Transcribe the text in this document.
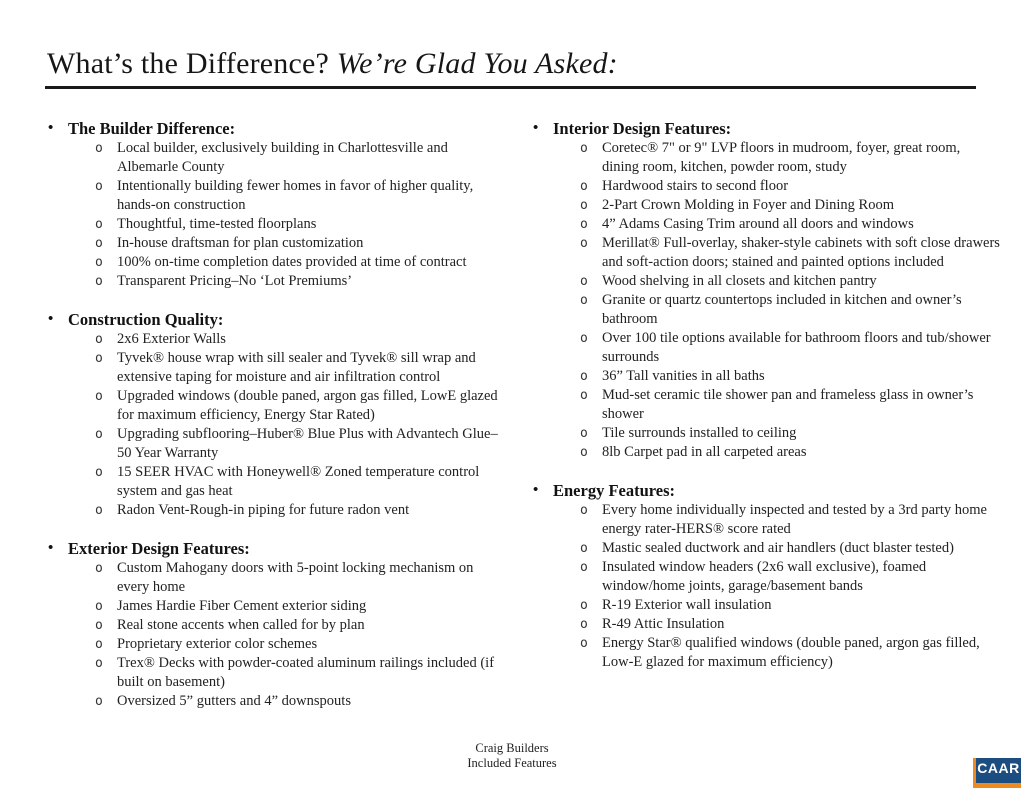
What’s the Difference? We’re Glad You Asked:
• The Builder Difference:
o Local builder, exclusively building in Charlottesville and Albemarle County
o Intentionally building fewer homes in favor of higher quality, hands-on construction
o Thoughtful, time-tested floorplans
o In-house draftsman for plan customization
o 100% on-time completion dates provided at time of contract
o Transparent Pricing–No ‘Lot Premiums’
• Construction Quality:
o 2x6 Exterior Walls
o Tyvek® house wrap with sill sealer and Tyvek® sill wrap and extensive taping for moisture and air infiltration control
o Upgraded windows (double paned, argon gas filled, LowE glazed for maximum efficiency, Energy Star Rated)
o Upgrading subflooring–Huber® Blue Plus with Advantech Glue–50 Year Warranty
o 15 SEER HVAC with Honeywell® Zoned temperature control system and gas heat
o Radon Vent-Rough-in piping for future radon vent
• Exterior Design Features:
o Custom Mahogany doors with 5-point locking mechanism on every home
o James Hardie Fiber Cement exterior siding
o Real stone accents when called for by plan
o Proprietary exterior color schemes
o Trex® Decks with powder-coated aluminum railings included (if built on basement)
o Oversized 5” gutters and 4” downspouts
• Interior Design Features:
o Coretec® 7" or 9" LVP floors in mudroom, foyer, great room, dining room, kitchen, powder room, study
o Hardwood stairs to second floor
o 2-Part Crown Molding in Foyer and Dining Room
o 4” Adams Casing Trim around all doors and windows
o Merillat® Full-overlay, shaker-style cabinets with soft close drawers and soft-action doors; stained and painted options included
o Wood shelving in all closets and kitchen pantry
o Granite or quartz countertops included in kitchen and owner’s bathroom
o Over 100 tile options available for bathroom floors and tub/shower surrounds
o 36” Tall vanities in all baths
o Mud-set ceramic tile shower pan and frameless glass in owner’s shower
o Tile surrounds installed to ceiling
o 8lb Carpet pad in all carpeted areas
• Energy Features:
o Every home individually inspected and tested by a 3rd party home energy rater-HERS® score rated
o Mastic sealed ductwork and air handlers (duct blaster tested)
o Insulated window headers (2x6 wall exclusive), foamed window/home joints, garage/basement bands
o R-19 Exterior wall insulation
o R-49 Attic Insulation
o Energy Star® qualified windows (double paned, argon gas filled, Low-E glazed for maximum efficiency)
Craig Builders
Included Features	CAAR
